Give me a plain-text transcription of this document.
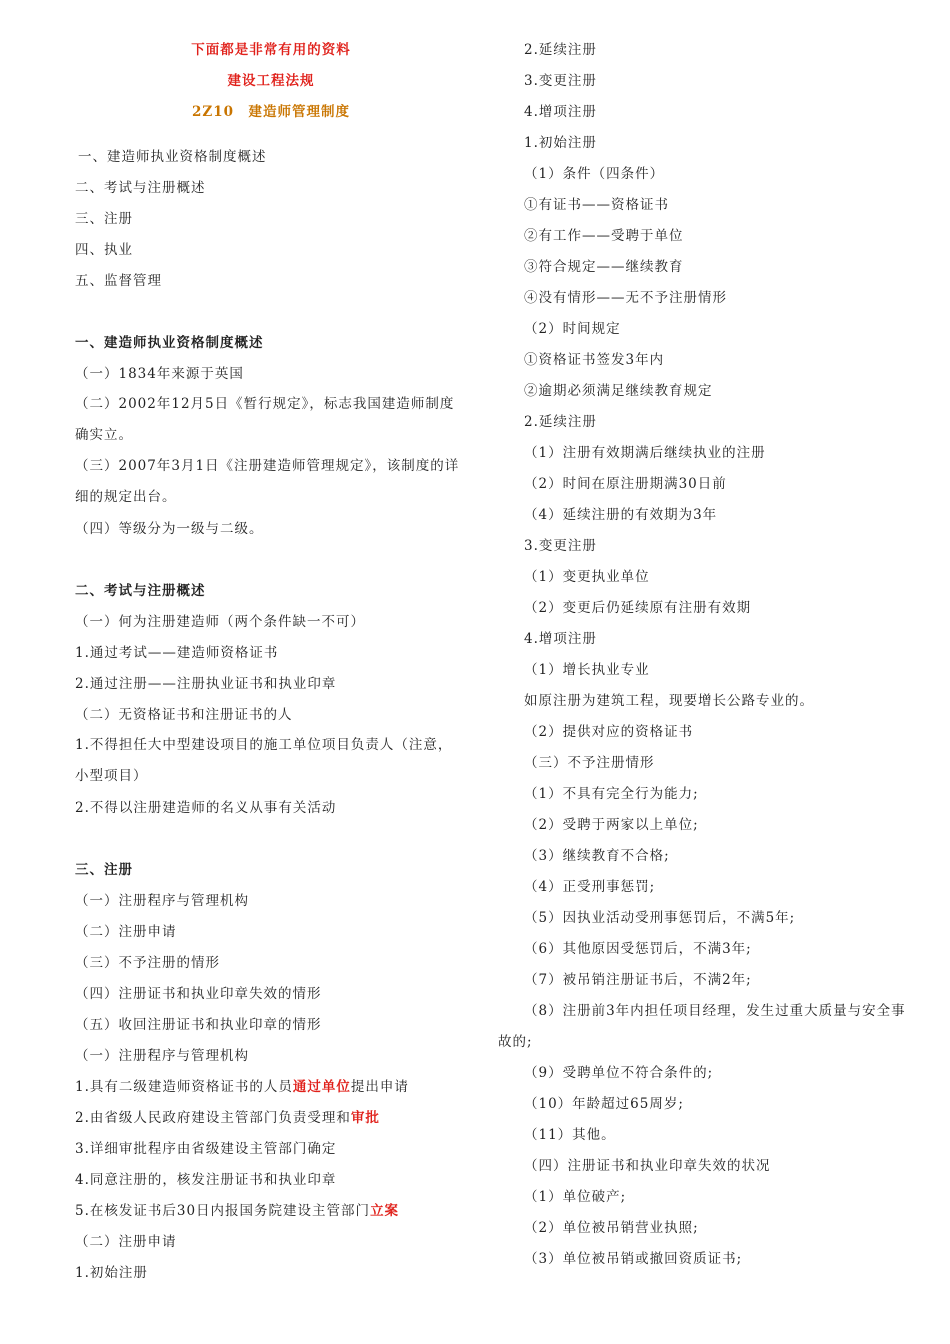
下面都是非常有用的资料
建设工程法规
2Z10　建造师管理制度
一、建造师执业资格制度概述
二、考试与注册概述
三、注册
四、执业
五、监督管理
一、建造师执业资格制度概述
（一）1834年来源于英国
（二）2002年12月5日《暂行规定》，标志我国建造师制度确实立。
（三）2007年3月1日《注册建造师管理规定》，该制度的详细的规定出台。
（四）等级分为一级与二级。
二、考试与注册概述
（一）何为注册建造师（两个条件缺一不可）
1.通过考试——建造师资格证书
2.通过注册——注册执业证书和执业印章
（二）无资格证书和注册证书的人
1.不得担任大中型建设项目的施工单位项目负责人（注意，小型项目）
2.不得以注册建造师的名义从事有关活动
三、注册
（一）注册程序与管理机构
（二）注册申请
（三）不予注册的情形
（四）注册证书和执业印章失效的情形
（五）收回注册证书和执业印章的情形
（一）注册程序与管理机构
1.具有二级建造师资格证书的人员通过单位提出申请
2.由省级人民政府建设主管部门负责受理和审批
3.详细审批程序由省级建设主管部门确定
4.同意注册的，核发注册证书和执业印章
5.在核发证书后30日内报国务院建设主管部门立案
（二）注册申请
1.初始注册
2.延续注册
3.变更注册
4.增项注册
1.初始注册
（1）条件（四条件）
①有证书——资格证书
②有工作——受聘于单位
③符合规定——继续教育
④没有情形——无不予注册情形
（2）时间规定
①资格证书签发3年内
②逾期必须满足继续教育规定
2.延续注册
（1）注册有效期满后继续执业的注册
（2）时间在原注册期满30日前
（4）延续注册的有效期为3年
3.变更注册
（1）变更执业单位
（2）变更后仍延续原有注册有效期
4.增项注册
（1）增长执业专业
如原注册为建筑工程，现要增长公路专业的。
（2）提供对应的资格证书
（三）不予注册情形
（1）不具有完全行为能力;
（2）受聘于两家以上单位;
（3）继续教育不合格;
（4）正受刑事惩罚;
（5）因执业活动受刑事惩罚后，不满5年;
（6）其他原因受惩罚后，不满3年;
（7）被吊销注册证书后，不满2年;
（8）注册前3年内担任项目经理，发生过重大质量与安全事
故的;
（9）受聘单位不符合条件的;
（10）年龄超过65周岁;
（11）其他。
（四）注册证书和执业印章失效的状况
（1）单位破产;
（2）单位被吊销营业执照;
（3）单位被吊销或撤回资质证书;
